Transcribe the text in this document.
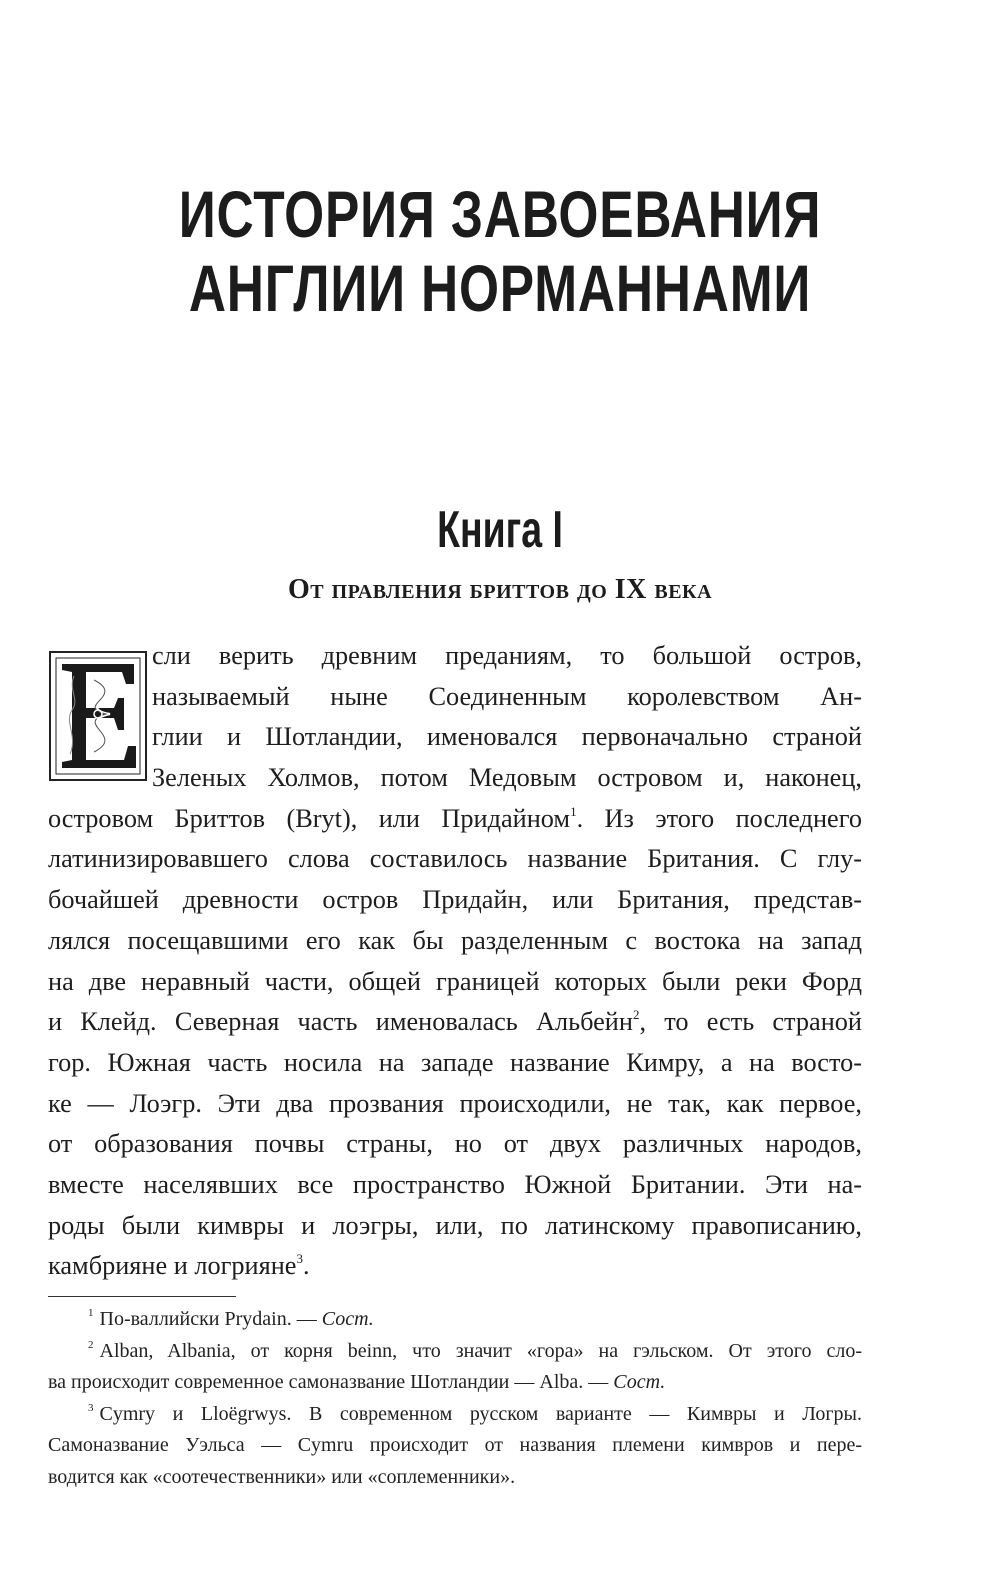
ИСТОРИЯ ЗАВОЕВАНИЯ
АНГЛИИ НОРМАННАМИ
Книга I
От правления бриттов до IX века
Е
сли верить древним преданиям, то большой остров,
называемый ныне Соединенным королевством Ан-
глии и Шотландии, именовался первоначально страной
Зеленых Холмов, потом Медовым островом и, наконец,
островом Бриттов (Bryt), или Придайном$^1$. Из этого последнего
латинизировавшего слова составилось название Британия. С глу-
бочайшей древности остров Придайн, или Британия, представ-
лялся посещавшими его как бы разделенным с востока на запад
на две неравный части, общей границей которых были реки Форд
и Клейд. Северная часть именовалась Альбейн$^2$, то есть страной
гор. Южная часть носила на западе название Кимру, а на восто-
ке — Лоэгр. Эти два прозвания происходили, не так, как первое,
от образования почвы страны, но от двух различных народов,
вместе населявших все пространство Южной Британии. Эти на-
роды были кимвры и лоэгры, или, по латинскому правописанию,
камбрияне и логрияне$^3$.
$^1$ По-валлийски Prydain. — Сост.
$^2$ Alban, Albania, от корня beinn, что значит «гора» на гэльском. От этого сло-
ва происходит современное самоназвание Шотландии — Alba. — Сост.
$^3$ Cymry и Lloëgrwys. В современном русском варианте — Кимвры и Логры.
Самоназвание Уэльса — Cymru происходит от названия племени кимвров и пере-
водится как «соотечественники» или «соплеменники».
